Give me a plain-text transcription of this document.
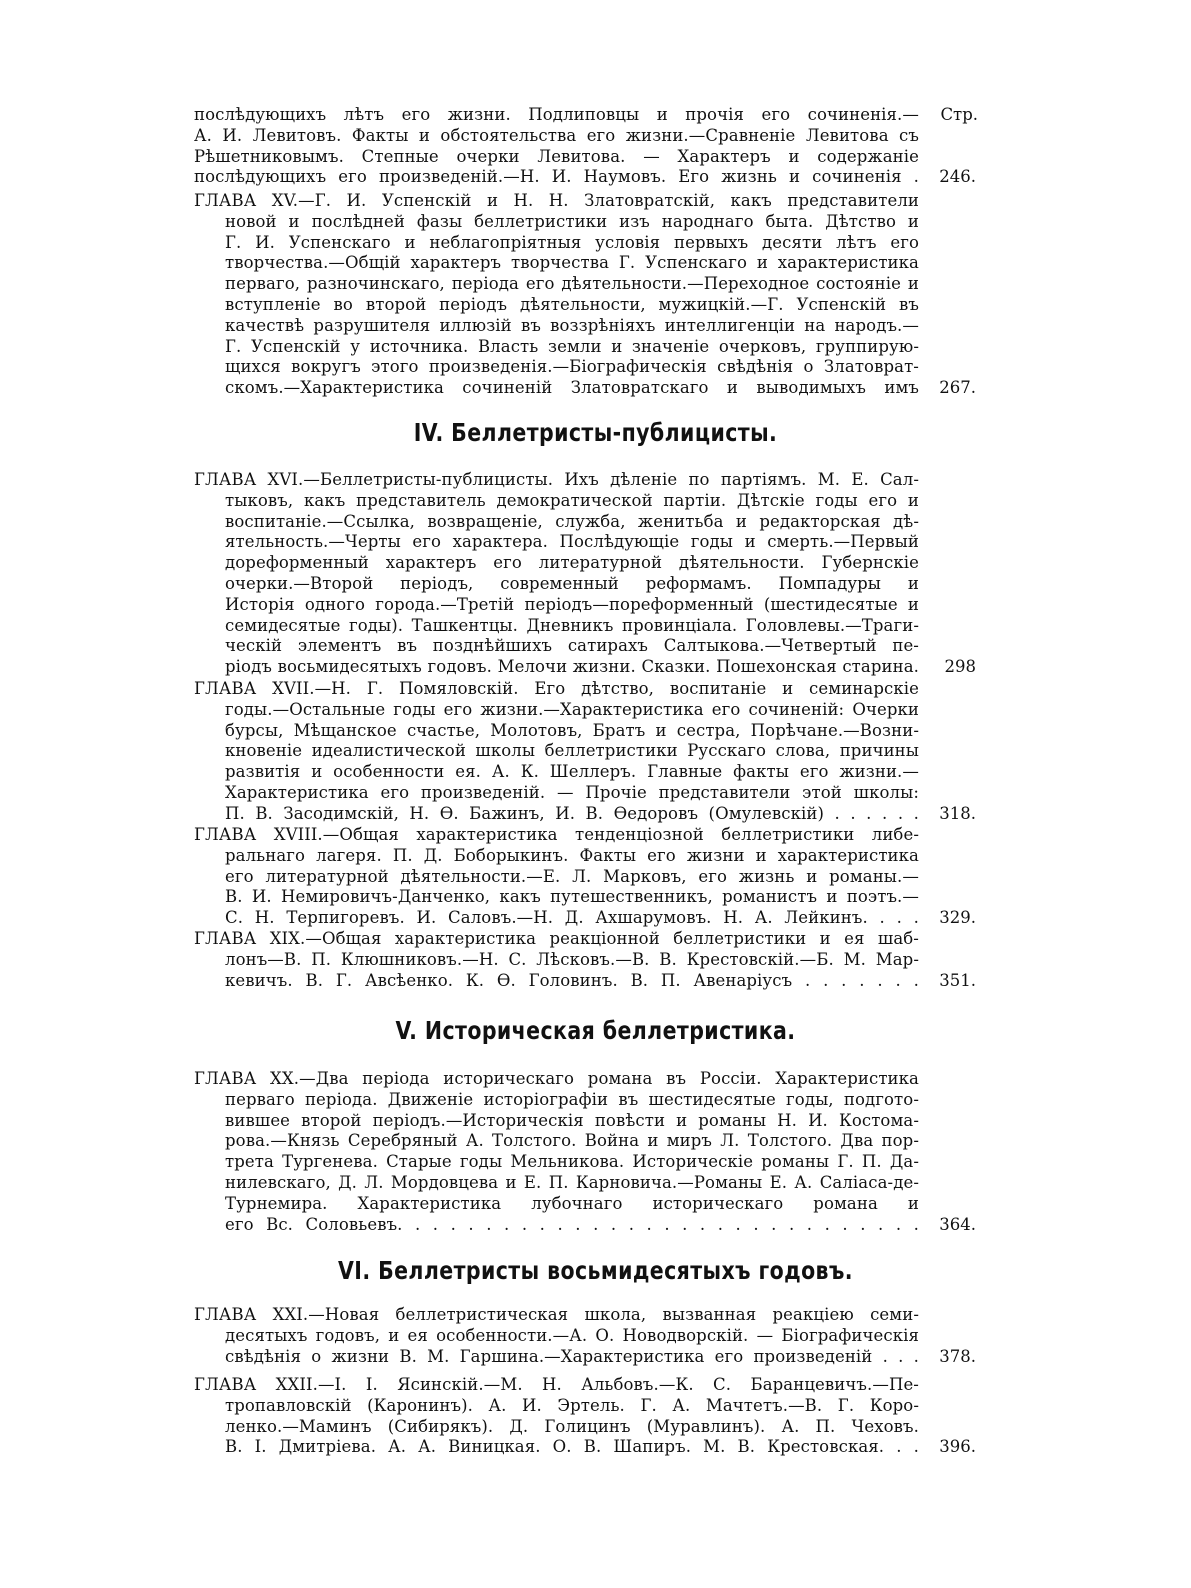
послѣдующихъ лѣтъ его жизни. Подлиповцы и прочія его сочиненія.— Стр.
А. И. Левитовъ. Факты и обстоятельства его жизни.—Сравненіе Левитова съ
Рѣшетниковымъ. Степные очерки Левитова. — Характеръ и содержаніе
послѣдующихъ его произведеній.—Н. И. Наумовъ. Его жизнь и сочиненія . 246.
ГЛАВА XV.—Г. И. Успенскій и Н. Н. Златовратскій, какъ представители
новой и послѣдней фазы беллетристики изъ народнаго быта. Дѣтство и
Г. И. Успенскаго и неблагопріятныя условія первыхъ десяти лѣтъ его
творчества.—Общій характеръ творчества Г. Успенскаго и характеристика
перваго, разночинскаго, періода его дѣятельности.—Переходное состояніе и
вступленіе во второй періодъ дѣятельности, мужицкій.—Г. Успенскій въ
качествѣ разрушителя иллюзій въ воззрѣніяхъ интеллигенціи на народъ.—
Г. Успенскій у источника. Власть земли и значеніе очерковъ, группирую-
щихся вокругъ этого произведенія.—Біографическія свѣдѣнія о Златоврат-
скомъ.—Характеристика сочиненій Златовратскаго и выводимыхъ имъ 267.
ГЛАВА XVI.—Беллетристы-публицисты. Ихъ дѣленіе по партіямъ. М. Е. Сал-
тыковъ, какъ представитель демократической партіи. Дѣтскіе годы его и
воспитаніе.—Ссылка, возвращеніе, служба, женитьба и редакторская дѣ-
ятельность.—Черты его характера. Послѣдующіе годы и смерть.—Первый
дореформенный характеръ его литературной дѣятельности. Губернскіе
очерки.—Второй періодъ, современный реформамъ. Помпадуры и
Исторія одного города.—Третій періодъ—пореформенный (шестидесятые и
семидесятые годы). Ташкентцы. Дневникъ провинціала. Головлевы.—Траги-
ческій элементъ въ позднѣйшихъ сатирахъ Салтыкова.—Четвертый пе-
ріодъ восьмидесятыхъ годовъ. Мелочи жизни. Сказки. Пошехонская старина. 298
ГЛАВА XVII.—Н. Г. Помяловскій. Его дѣтство, воспитаніе и семинарскіе
годы.—Остальные годы его жизни.—Характеристика его сочиненій: Очерки
бурсы, Мѣщанское счастье, Молотовъ, Братъ и сестра, Порѣчане.—Возни-
кновеніе идеалистической школы беллетристики Русскаго слова, причины
развитія и особенности ея. А. К. Шеллеръ. Главные факты его жизни.—
Характеристика его произведеній. — Прочіе представители этой школы:
П. В. Засодимскій, Н. Ѳ. Бажинъ, И. В. Ѳедоровъ (Омулевскій) . . . . . . 318.
ГЛАВА XVIII.—Общая характеристика тенденціозной беллетристики либе-
ральнаго лагеря. П. Д. Боборыкинъ. Факты его жизни и характеристика
его литературной дѣятельности.—Е. Л. Марковъ, его жизнь и романы.—
В. И. Немировичъ-Данченко, какъ путешественникъ, романистъ и поэтъ.—
С. Н. Терпигоревъ. И. Саловъ.—Н. Д. Ахшарумовъ. Н. А. Лейкинъ. . . . 329.
ГЛАВА XIX.—Общая характеристика реакціонной беллетристики и ея шаб-
лонъ—В. П. Клюшниковъ.—Н. С. Лѣсковъ.—В. В. Крестовскій.—Б. М. Мар-
кевичъ. В. Г. Авсѣенко. К. Ѳ. Головинъ. В. П. Авенаріусъ . . . . . . . 351.
ГЛАВА XX.—Два періода историческаго романа въ Россіи. Характеристика
перваго періода. Движеніе исторіографіи въ шестидесятые годы, подгото-
вившее второй періодъ.—Историческія повѣсти и романы Н. И. Костома-
рова.—Князь Серебряный А. Толстого. Война и миръ Л. Толстого. Два пор-
трета Тургенева. Старые годы Мельникова. Историческіе романы Г. П. Да-
нилевскаго, Д. Л. Мордовцева и Е. П. Карновича.—Романы Е. А. Саліаса-де-
Турнемира. Характеристика лубочнаго историческаго романа и
его Вс. Соловьевъ. . . . . . . . . . . . . . . . . . . . . . . . . . . . . . 364.
ГЛАВА XXI.—Новая беллетристическая школа, вызванная реакціею семи-
десятыхъ годовъ, и ея особенности.—А. О. Новодворскій. — Біографическія
свѣдѣнія о жизни В. М. Гаршина.—Характеристика его произведеній . . . 378.
ГЛАВА XXII.—І. І. Ясинскій.—М. Н. Альбовъ.—К. С. Баранцевичъ.—Пе-
тропавловскій (Каронинъ). А. И. Эртель. Г. А. Мачтетъ.—В. Г. Коро-
ленко.—Маминъ (Сибирякъ). Д. Голицинъ (Муравлинъ). А. П. Чеховъ.
В. І. Дмитріева. А. А. Виницкая. О. В. Шапиръ. М. В. Крестовская. . . 396.
IV. Беллетристы-публицисты.
V. Историческая беллетристика.
VI. Беллетристы восьмидесятыхъ годовъ.
